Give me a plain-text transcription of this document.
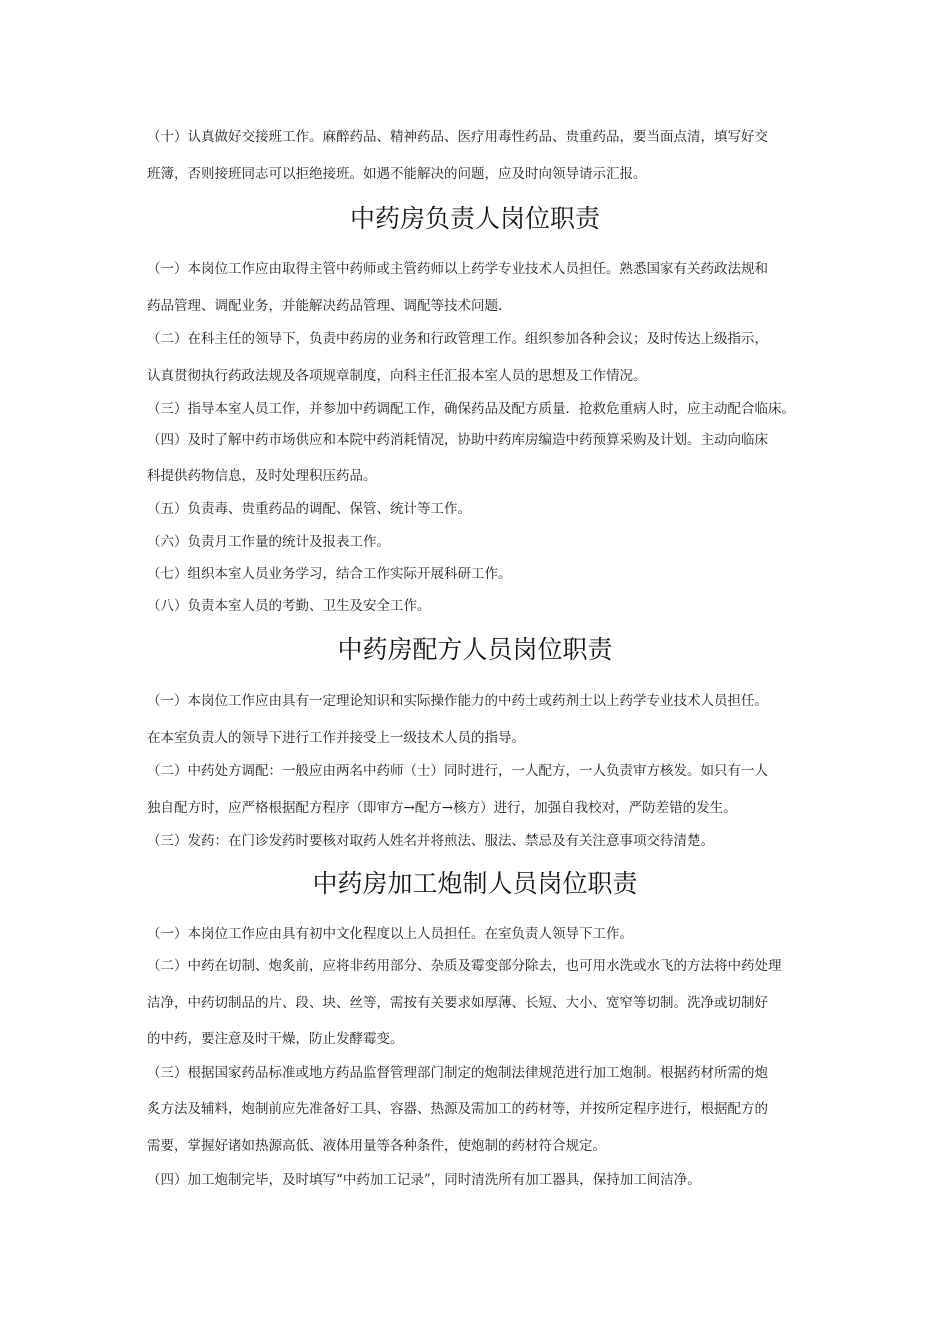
（十）认真做好交接班工作。麻醉药品、精神药品、医疗用毒性药品、贵重药品，要当面点清，填写好交
班簿，否则接班同志可以拒绝接班。如遇不能解决的问题，应及时向领导请示汇报。
中药房负责人岗位职责
（一）本岗位工作应由取得主管中药师或主管药师以上药学专业技术人员担任。熟悉国家有关药政法规和
药品管理、调配业务，并能解决药品管理、调配等技术问题.
（二）在科主任的领导下，负责中药房的业务和行政管理工作。组织参加各种会议；及时传达上级指示，
认真贯彻执行药政法规及各项规章制度，向科主任汇报本室人员的思想及工作情况。
（三）指导本室人员工作，并参加中药调配工作，确保药品及配方质量．抢救危重病人时，应主动配合临床。
（四）及时了解中药市场供应和本院中药消耗情况，协助中药库房编造中药预算采购及计划。主动向临床
科提供药物信息，及时处理积压药品。
（五）负责毒、贵重药品的调配、保管、统计等工作。
（六）负责月工作量的统计及报表工作。
（七）组织本室人员业务学习，结合工作实际开展科研工作。
（八）负责本室人员的考勤、卫生及安全工作。
中药房配方人员岗位职责
（一）本岗位工作应由具有一定理论知识和实际操作能力的中药士或药剂士以上药学专业技术人员担任。
在本室负责人的领导下进行工作并接受上一级技术人员的指导。
（二）中药处方调配：一般应由两名中药师（士）同时进行，一人配方，一人负责审方核发。如只有一人
独自配方时，应严格根据配方程序（即审方→配方→核方）进行，加强自我校对，严防差错的发生。
（三）发药：在门诊发药时要核对取药人姓名并将煎法、服法、禁忌及有关注意事项交待清楚。
中药房加工炮制人员岗位职责
（一）本岗位工作应由具有初中文化程度以上人员担任。在室负责人领导下工作。
（二）中药在切制、炮炙前，应将非药用部分、杂质及霉变部分除去，也可用水洗或水飞的方法将中药处理
洁净，中药切制品的片、段、块、丝等，需按有关要求如厚薄、长短、大小、宽窄等切制。洗净或切制好
的中药，要注意及时干燥，防止发酵霉变。
（三）根据国家药品标准或地方药品监督管理部门制定的炮制法律规范进行加工炮制。根据药材所需的炮
炙方法及辅料，炮制前应先准备好工具、容器、热源及需加工的药材等，并按所定程序进行，根据配方的
需要，掌握好诸如热源高低、液体用量等各种条件，使炮制的药材符合规定。
（四）加工炮制完毕，及时填写“中药加工记录”，同时清洗所有加工器具，保持加工间洁净。
